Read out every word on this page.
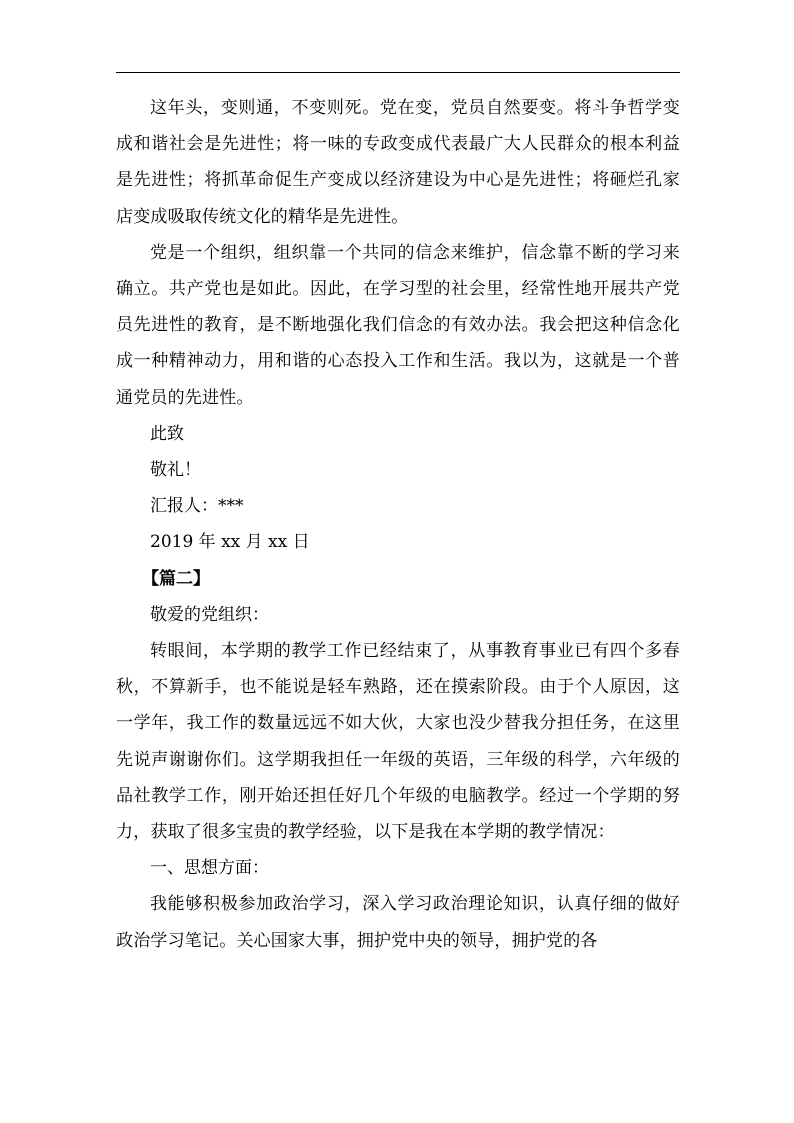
这年头，变则通，不变则死。党在变，党员自然要变。将斗争哲学变成和谐社会是先进性；将一味的专政变成代表最广大人民群众的根本利益是先进性；将抓革命促生产变成以经济建设为中心是先进性；将砸烂孔家店变成吸取传统文化的精华是先进性。

党是一个组织，组织靠一个共同的信念来维护，信念靠不断的学习来确立。共产党也是如此。因此，在学习型的社会里，经常性地开展共产党员先进性的教育，是不断地强化我们信念的有效办法。我会把这种信念化成一种精神动力，用和谐的心态投入工作和生活。我以为，这就是一个普通党员的先进性。

此致

敬礼！

汇报人：***

2019 年 xx 月 xx 日

【篇二】

敬爱的党组织：

转眼间，本学期的教学工作已经结束了，从事教育事业已有四个多春秋，不算新手，也不能说是轻车熟路，还在摸索阶段。由于个人原因，这一学年，我工作的数量远远不如大伙，大家也没少替我分担任务，在这里先说声谢谢你们。这学期我担任一年级的英语，三年级的科学，六年级的品社教学工作，刚开始还担任好几个年级的电脑教学。经过一个学期的努力，获取了很多宝贵的教学经验，以下是我在本学期的教学情况：

一、思想方面：

我能够积极参加政治学习，深入学习政治理论知识，认真仔细的做好政治学习笔记。关心国家大事，拥护党中央的领导，拥护党的各
